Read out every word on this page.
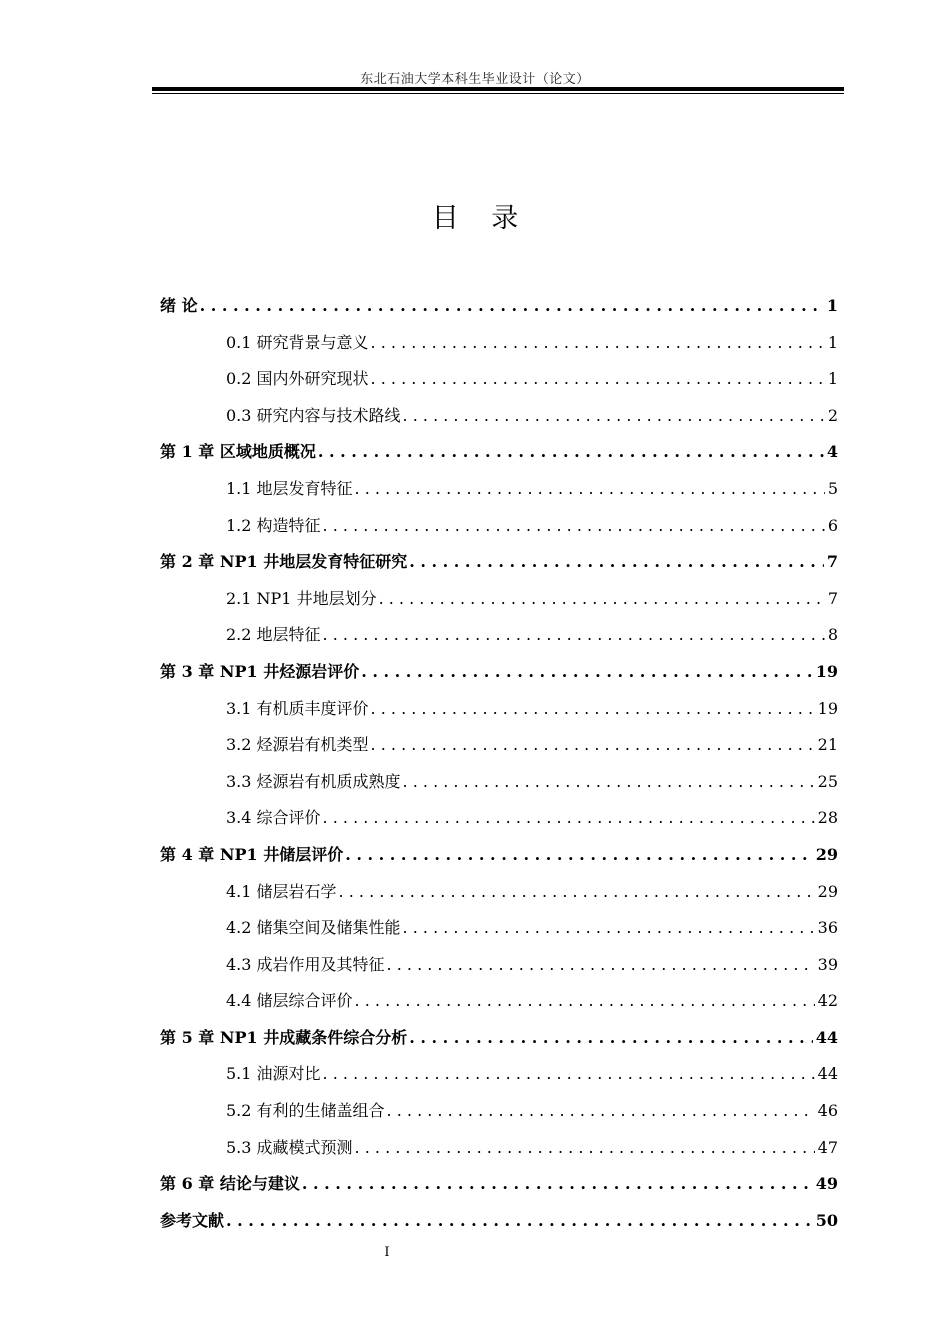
东北石油大学本科生毕业设计（论文）
目 录
绪 论 . . .	1
0.1 研究背景与意义 . . .	1
0.2 国内外研究现状 . . .	1
0.3 研究内容与技术路线 . . .	2
第 1 章 区域地质概况 . . .	4
1.1 地层发育特征 . . .	5
1.2 构造特征 . . .	6
第 2 章 NP1 井地层发育特征研究 . . .	7
2.1 NP1 井地层划分 . . .	7
2.2 地层特征 . . .	8
第 3 章 NP1 井烃源岩评价 . . .	19
3.1 有机质丰度评价 . . .	19
3.2 烃源岩有机类型 . . .	21
3.3 烃源岩有机质成熟度 . . .	25
3.4 综合评价 . . .	28
第 4 章 NP1 井储层评价 . . .	29
4.1 储层岩石学 . . .	29
4.2 储集空间及储集性能 . . .	36
4.3 成岩作用及其特征 . . .	39
4.4 储层综合评价 . . .	42
第 5 章 NP1 井成藏条件综合分析 . . .	44
5.1 油源对比 . . .	44
5.2 有利的生储盖组合 . . .	46
5.3 成藏模式预测 . . .	47
第 6 章 结论与建议 . . .	49
参考文献 . . .	50
I
